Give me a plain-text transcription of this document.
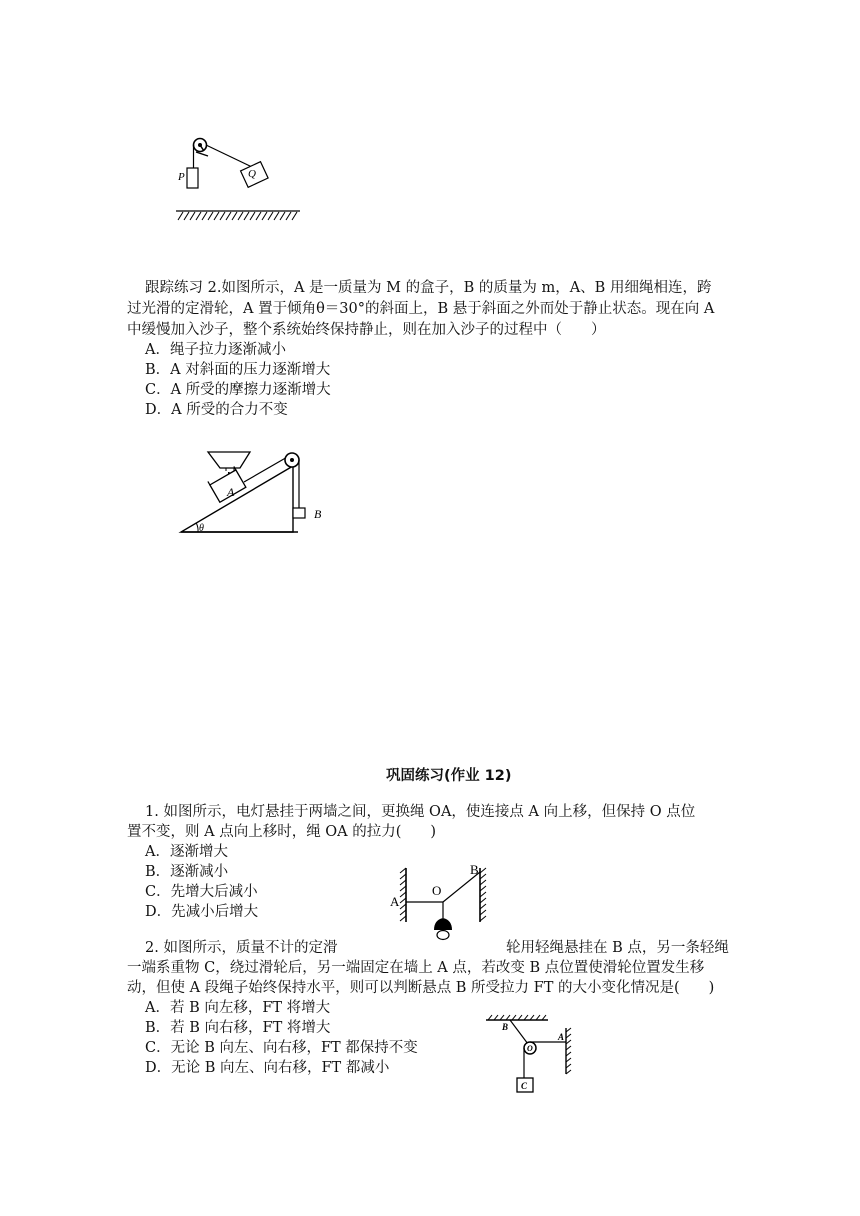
P	Q
跟踪练习 2.如图所示，A 是一质量为 M 的盒子，B 的质量为 m，A、B 用细绳相连，跨
过光滑的定滑轮，A 置于倾角θ＝30°的斜面上，B 悬于斜面之外而处于静止状态。现在向 A
中缓慢加入沙子，整个系统始终保持静止，则在加入沙子的过程中（　　）
A．绳子拉力逐渐减小
B．A 对斜面的压力逐渐增大
C．A 所受的摩擦力逐渐增大
D．A 所受的合力不变
θ
A
B
巩固练习(作业 12)
1. 如图所示，电灯悬挂于两墙之间，更换绳 OA，使连接点 A 向上移，但保持 O 点位
置不变，则 A 点向上移时，绳 OA 的拉力(　　)
A．逐渐增大
B．逐渐减小
C．先增大后减小
D．先减小后增大
A
O
B
2. 如图所示，质量不计的定滑	轮用轻绳悬挂在 B 点，另一条轻绳
一端系重物 C，绕过滑轮后，另一端固定在墙上 A 点，若改变 B 点位置使滑轮位置发生移
动，但使 A 段绳子始终保持水平，则可以判断悬点 B 所受拉力 FT 的大小变化情况是(　　)
A．若 B 向左移，FT 将增大
B．若 B 向右移，FT 将增大
C．无论 B 向左、向右移，FT 都保持不变
D．无论 B 向左、向右移，FT 都减小
C
B
O
A
